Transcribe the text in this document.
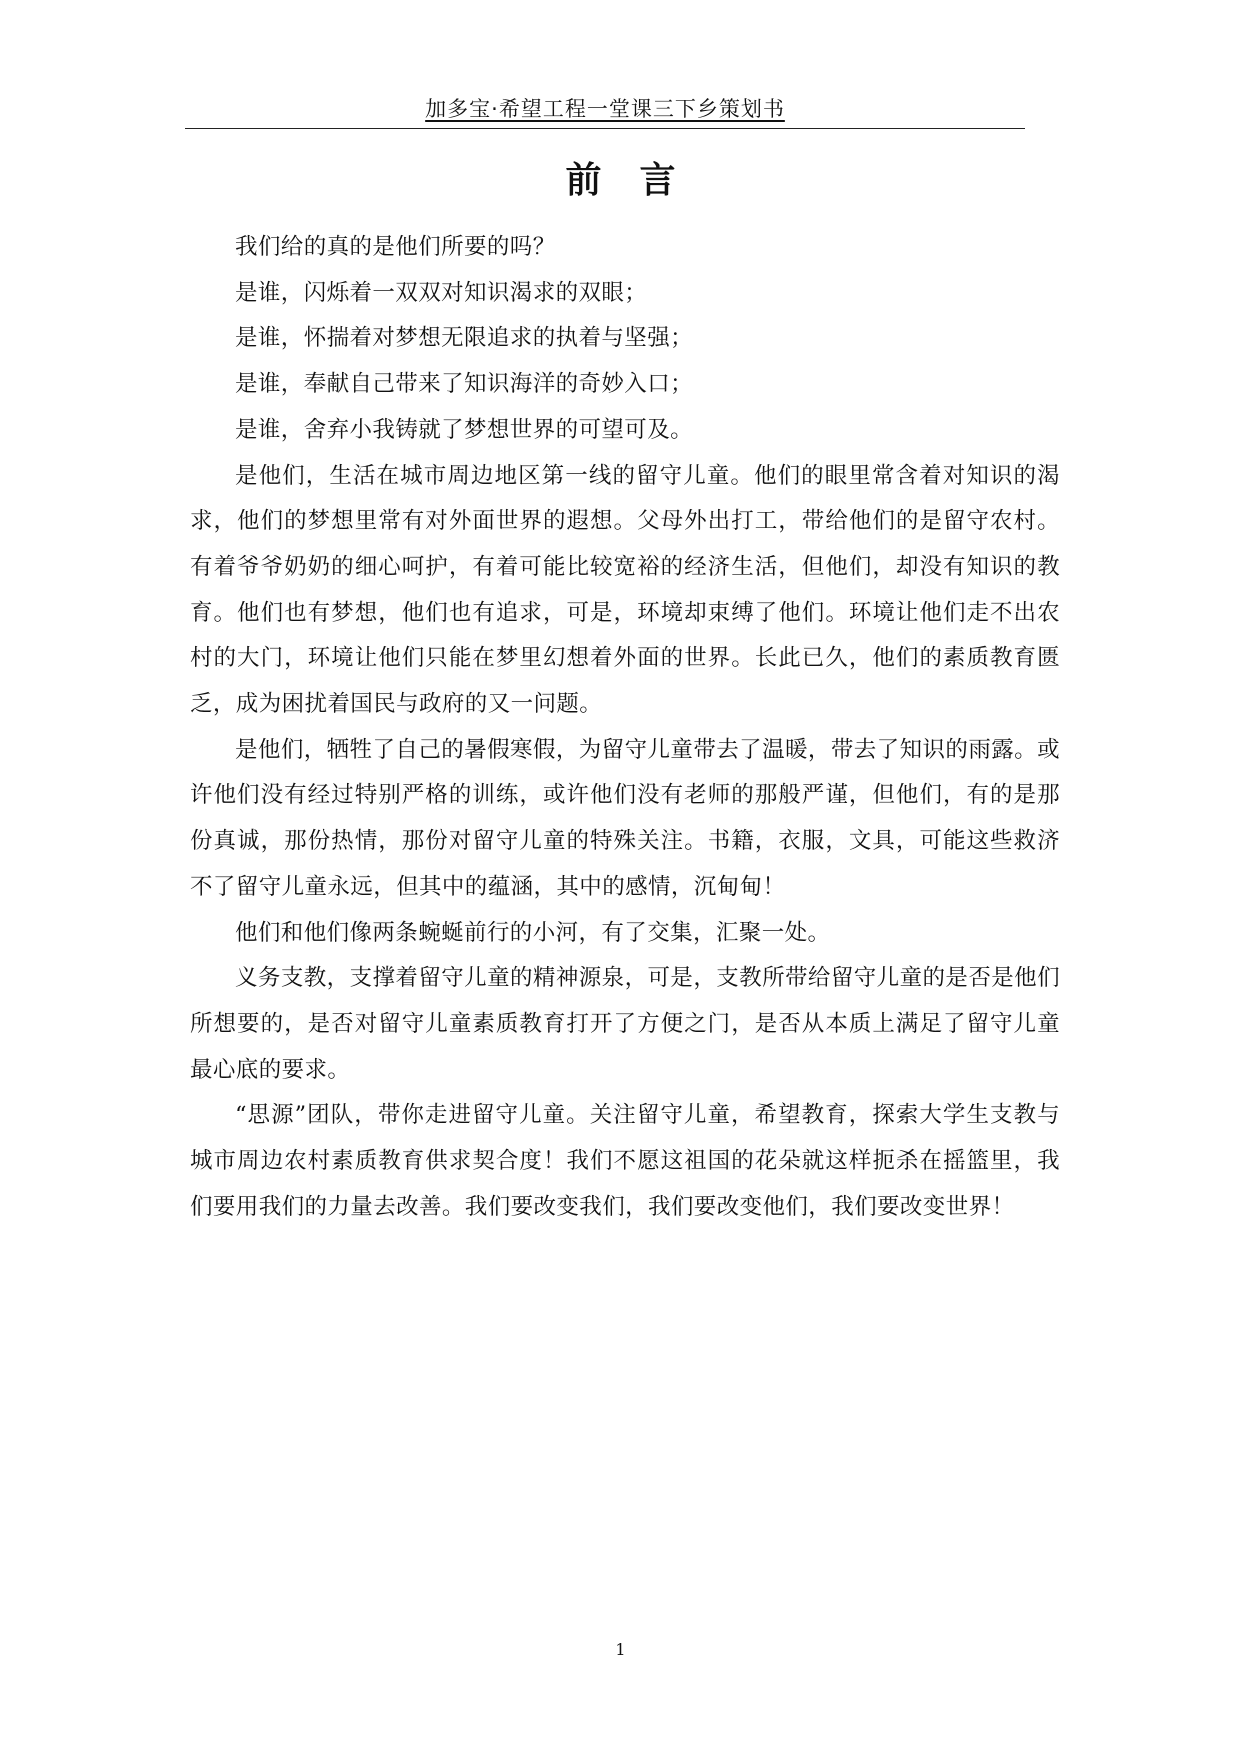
加多宝·希望工程一堂课三下乡策划书
前言

我们给的真的是他们所要的吗？

是谁，闪烁着一双双对知识渴求的双眼；

是谁，怀揣着对梦想无限追求的执着与坚强；

是谁，奉献自己带来了知识海洋的奇妙入口；

是谁，舍弃小我铸就了梦想世界的可望可及。

是他们，生活在城市周边地区第一线的留守儿童。他们的眼里常含着对知识的渴求，他们的梦想里常有对外面世界的遐想。父母外出打工，带给他们的是留守农村。有着爷爷奶奶的细心呵护，有着可能比较宽裕的经济生活，但他们，却没有知识的教育。他们也有梦想，他们也有追求，可是，环境却束缚了他们。环境让他们走不出农村的大门，环境让他们只能在梦里幻想着外面的世界。长此已久，他们的素质教育匮乏，成为困扰着国民与政府的又一问题。

是他们，牺牲了自己的暑假寒假，为留守儿童带去了温暖，带去了知识的雨露。或许他们没有经过特别严格的训练，或许他们没有老师的那般严谨，但他们，有的是那份真诚，那份热情，那份对留守儿童的特殊关注。书籍，衣服，文具，可能这些救济不了留守儿童永远，但其中的蕴涵，其中的感情，沉甸甸！

他们和他们像两条蜿蜒前行的小河，有了交集，汇聚一处。

义务支教，支撑着留守儿童的精神源泉，可是，支教所带给留守儿童的是否是他们所想要的，是否对留守儿童素质教育打开了方便之门，是否从本质上满足了留守儿童最心底的要求。

“思源”团队，带你走进留守儿童。关注留守儿童，希望教育，探索大学生支教与城市周边农村素质教育供求契合度！我们不愿这祖国的花朵就这样扼杀在摇篮里，我们要用我们的力量去改善。我们要改变我们，我们要改变他们，我们要改变世界！

1
